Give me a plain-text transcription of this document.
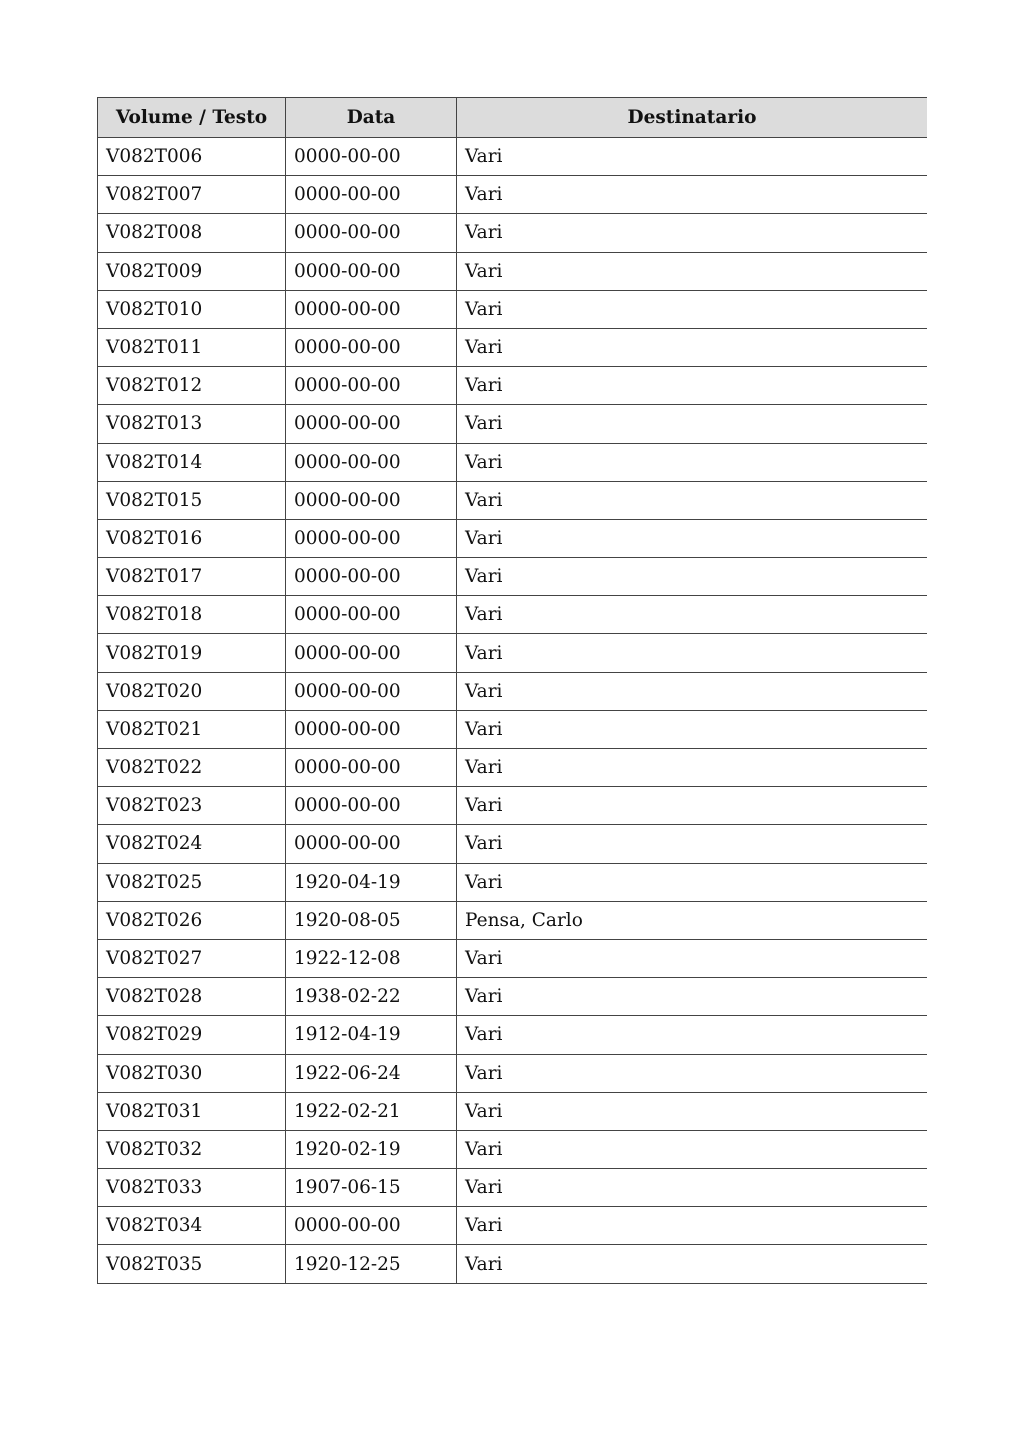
Volume / Testo	Data	Destinatario
V082T006	0000-00-00	Vari
V082T007	0000-00-00	Vari
V082T008	0000-00-00	Vari
V082T009	0000-00-00	Vari
V082T010	0000-00-00	Vari
V082T011	0000-00-00	Vari
V082T012	0000-00-00	Vari
V082T013	0000-00-00	Vari
V082T014	0000-00-00	Vari
V082T015	0000-00-00	Vari
V082T016	0000-00-00	Vari
V082T017	0000-00-00	Vari
V082T018	0000-00-00	Vari
V082T019	0000-00-00	Vari
V082T020	0000-00-00	Vari
V082T021	0000-00-00	Vari
V082T022	0000-00-00	Vari
V082T023	0000-00-00	Vari
V082T024	0000-00-00	Vari
V082T025	1920-04-19	Vari
V082T026	1920-08-05	Pensa, Carlo
V082T027	1922-12-08	Vari
V082T028	1938-02-22	Vari
V082T029	1912-04-19	Vari
V082T030	1922-06-24	Vari
V082T031	1922-02-21	Vari
V082T032	1920-02-19	Vari
V082T033	1907-06-15	Vari
V082T034	0000-00-00	Vari
V082T035	1920-12-25	Vari
